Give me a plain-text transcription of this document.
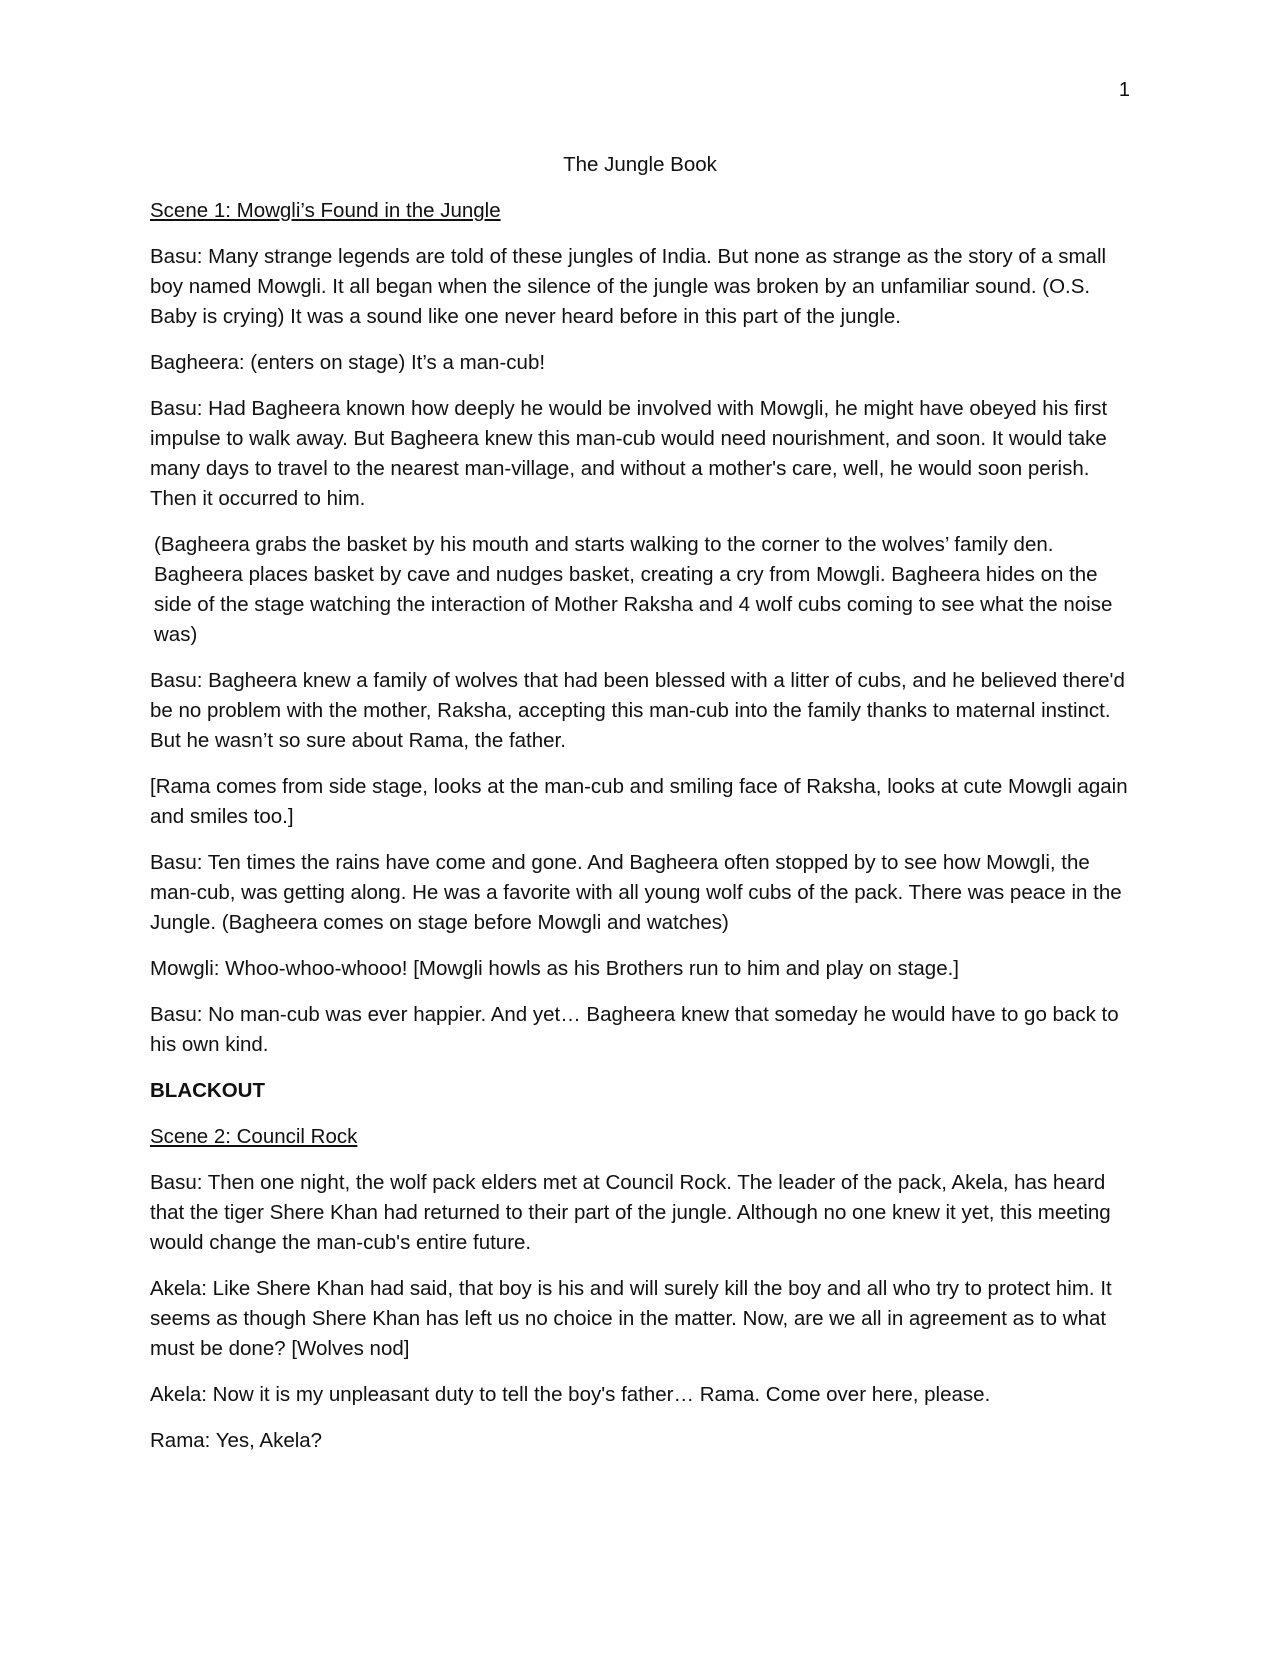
1
The Jungle Book
Scene 1: Mowgli’s Found in the Jungle
Basu: Many strange legends are told of these jungles of India. But none as strange as the story of a small boy named Mowgli. It all began when the silence of the jungle was broken by an unfamiliar sound. (O.S. Baby is crying) It was a sound like one never heard before in this part of the jungle.
Bagheera: (enters on stage) It’s a man-cub!
Basu: Had Bagheera known how deeply he would be involved with Mowgli, he might have obeyed his first impulse to walk away. But Bagheera knew this man-cub would need nourishment, and soon. It would take many days to travel to the nearest man-village, and without a mother's care, well, he would soon perish. Then it occurred to him.
(Bagheera grabs the basket by his mouth and starts walking to the corner to the wolves’ family den. Bagheera places basket by cave and nudges basket, creating a cry from Mowgli. Bagheera hides on the side of the stage watching the interaction of Mother Raksha and 4 wolf cubs coming to see what the noise was)
Basu: Bagheera knew a family of wolves that had been blessed with a litter of cubs, and he believed there'd be no problem with the mother, Raksha, accepting this man-cub into the family thanks to maternal instinct. But he wasn’t so sure about Rama, the father.
[Rama comes from side stage, looks at the man-cub and smiling face of Raksha, looks at cute Mowgli again and smiles too.]
Basu: Ten times the rains have come and gone. And Bagheera often stopped by to see how Mowgli, the man-cub, was getting along. He was a favorite with all young wolf cubs of the pack. There was peace in the Jungle. (Bagheera comes on stage before Mowgli and watches)
Mowgli: Whoo-whoo-whooo! [Mowgli howls as his Brothers run to him and play on stage.]
Basu: No man-cub was ever happier. And yet… Bagheera knew that someday he would have to go back to his own kind.
BLACKOUT
Scene 2: Council Rock
Basu: Then one night, the wolf pack elders met at Council Rock. The leader of the pack, Akela, has heard that the tiger Shere Khan had returned to their part of the jungle. Although no one knew it yet, this meeting would change the man-cub's entire future.
Akela: Like Shere Khan had said, that boy is his and will surely kill the boy and all who try to protect him. It seems as though Shere Khan has left us no choice in the matter. Now, are we all in agreement as to what must be done? [Wolves nod]
Akela: Now it is my unpleasant duty to tell the boy's father… Rama. Come over here, please.
Rama: Yes, Akela?
